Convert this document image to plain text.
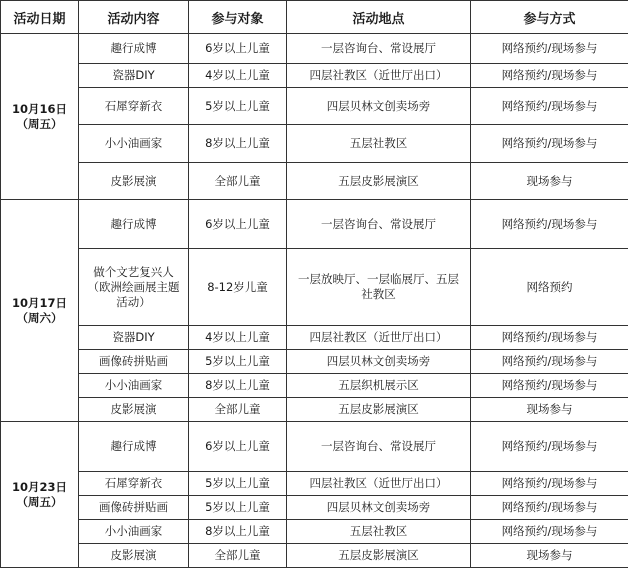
活动日期	活动内容	参与对象	活动地点	参与方式

10月16日
（周五）	趣行成博	6岁以上儿童	一层咨询台、常设展厅	网络预约/现场参与
	瓷器DIY	4岁以上儿童	四层社教区（近世厅出口）	网络预约/现场参与
	石犀穿新衣	5岁以上儿童	四层贝林文创卖场旁	网络预约/现场参与
	小小油画家	8岁以上儿童	五层社教区	网络预约/现场参与
	皮影展演	全部儿童	五层皮影展演区	现场参与

10月17日
（周六）	趣行成博	6岁以上儿童	一层咨询台、常设展厅	网络预约/现场参与
	做个文艺复兴人（欧洲绘画展主题活动）	8-12岁儿童	一层放映厅、一层临展厅、五层社教区	网络预约
	瓷器DIY	4岁以上儿童	四层社教区（近世厅出口）	网络预约/现场参与
	画像砖拼贴画	5岁以上儿童	四层贝林文创卖场旁	网络预约/现场参与
	小小油画家	8岁以上儿童	五层织机展示区	网络预约/现场参与
	皮影展演	全部儿童	五层皮影展演区	现场参与

10月23日
（周五）	趣行成博	6岁以上儿童	一层咨询台、常设展厅	网络预约/现场参与
	石犀穿新衣	5岁以上儿童	四层社教区（近世厅出口）	网络预约/现场参与
	画像砖拼贴画	5岁以上儿童	四层贝林文创卖场旁	网络预约/现场参与
	小小油画家	8岁以上儿童	五层社教区	网络预约/现场参与
	皮影展演	全部儿童	五层皮影展演区	现场参与
